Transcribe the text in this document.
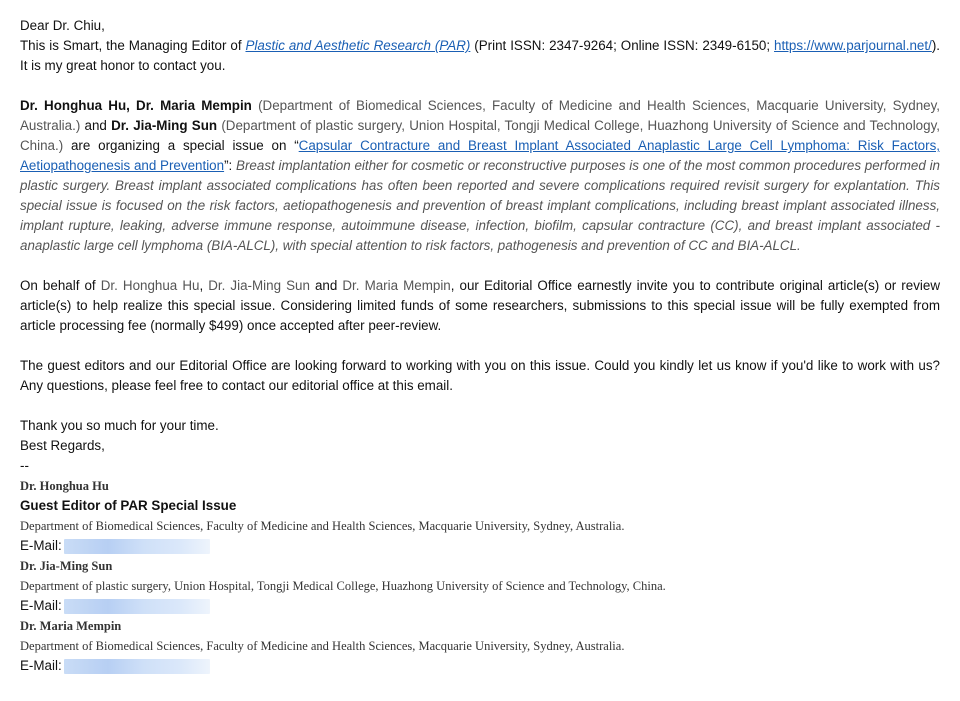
Dear Dr. Chiu,

This is Smart, the Managing Editor of Plastic and Aesthetic Research (PAR) (Print ISSN: 2347-9264; Online ISSN: 2349-6150; https://www.parjournal.net/). It is my great honor to contact you.

Dr. Honghua Hu, Dr. Maria Mempin (Department of Biomedical Sciences, Faculty of Medicine and Health Sciences, Macquarie University, Sydney, Australia.) and Dr. Jia-Ming Sun (Department of plastic surgery, Union Hospital, Tongji Medical College, Huazhong University of Science and Technology, China.) are organizing a special issue on “Capsular Contracture and Breast Implant Associated Anaplastic Large Cell Lymphoma: Risk Factors, Aetiopathogenesis and Prevention”: Breast implantation either for cosmetic or reconstructive purposes is one of the most common procedures performed in plastic surgery. Breast implant associated complications has often been reported and severe complications required revisit surgery for explantation. This special issue is focused on the risk factors, aetiopathogenesis and prevention of breast implant complications, including breast implant associated illness, implant rupture, leaking, adverse immune response, autoimmune disease, infection, biofilm, capsular contracture (CC), and breast implant associated - anaplastic large cell lymphoma (BIA-ALCL), with special attention to risk factors, pathogenesis and prevention of CC and BIA-ALCL.

On behalf of Dr. Honghua Hu, Dr. Jia-Ming Sun and Dr. Maria Mempin, our Editorial Office earnestly invite you to contribute original article(s) or review article(s) to help realize this special issue. Considering limited funds of some researchers, submissions to this special issue will be fully exempted from article processing fee (normally $499) once accepted after peer-review.

The guest editors and our Editorial Office are looking forward to working with you on this issue. Could you kindly let us know if you'd like to work with us? Any questions, please feel free to contact our editorial office at this email.

Thank you so much for your time.

Best Regards,

--

Dr. Honghua Hu
Guest Editor of PAR Special Issue
Department of Biomedical Sciences, Faculty of Medicine and Health Sciences, Macquarie University, Sydney, Australia.
E-Mail:
Dr. Jia-Ming Sun
Department of plastic surgery, Union Hospital, Tongji Medical College, Huazhong University of Science and Technology, China.
E-Mail:
Dr. Maria Mempin
Department of Biomedical Sciences, Faculty of Medicine and Health Sciences, Macquarie University, Sydney, Australia.
E-Mail:
